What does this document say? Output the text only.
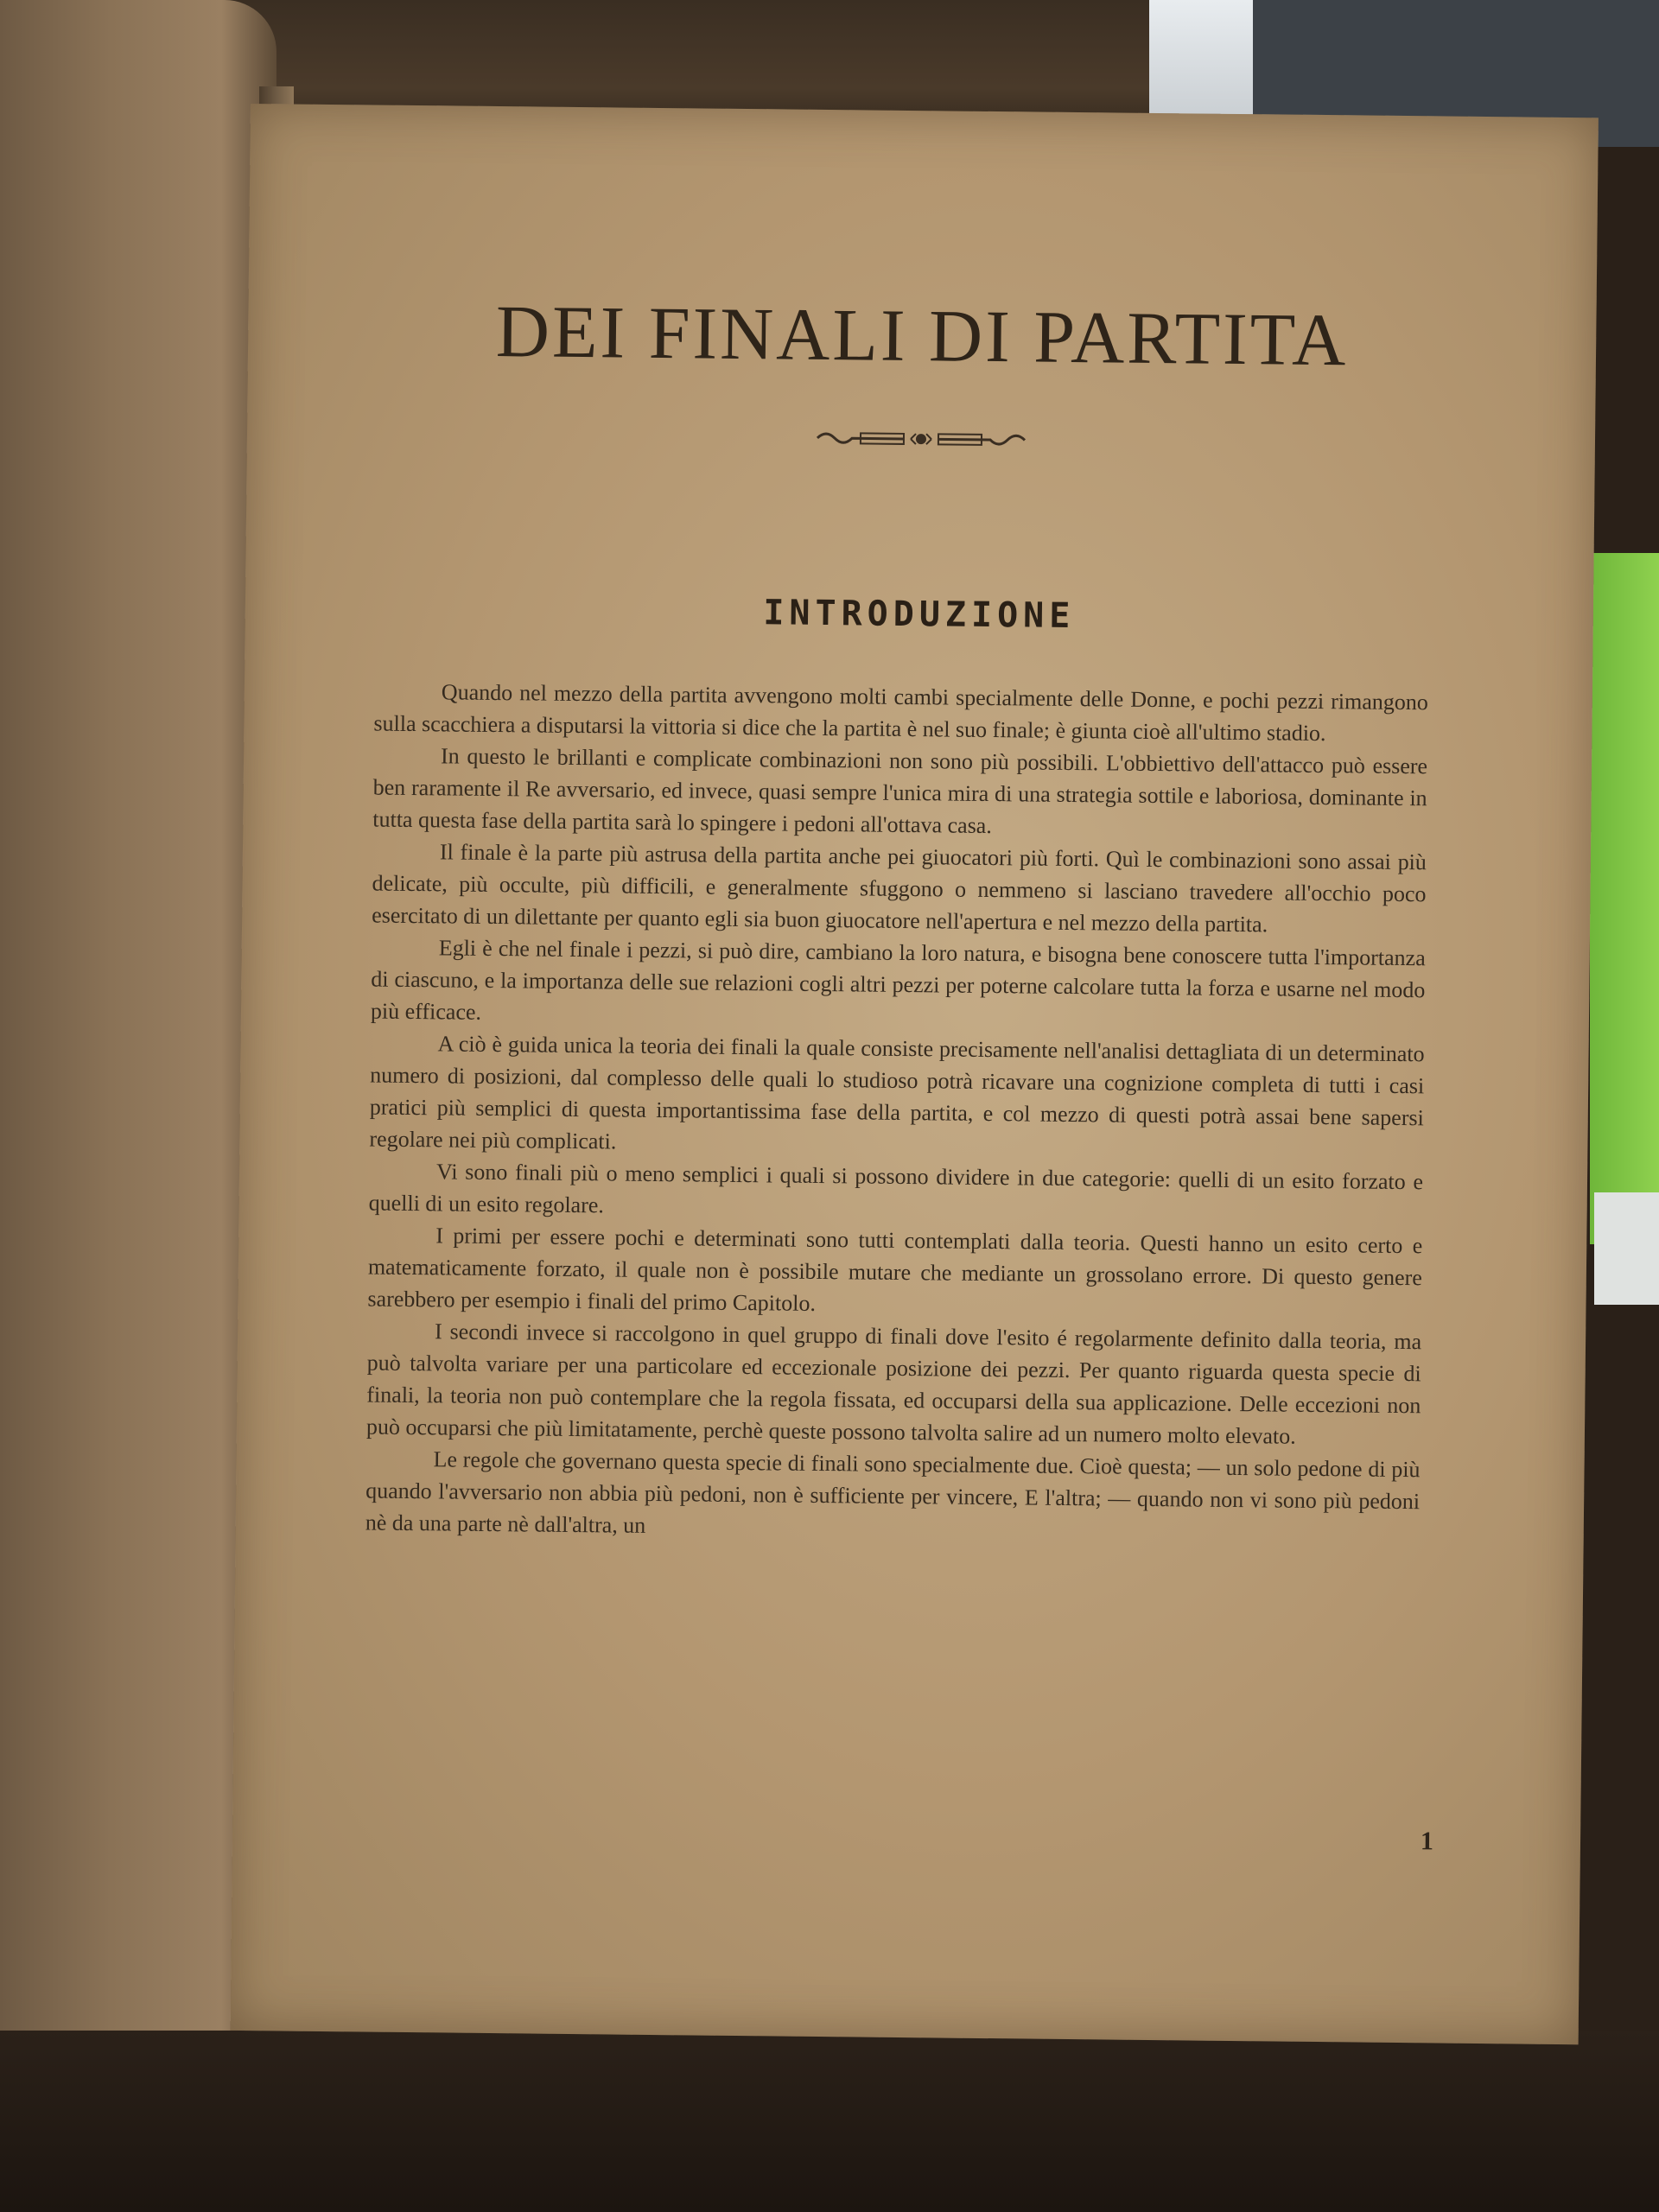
DEI FINALI DI PARTITA
INTRODUZIONE

Quando nel mezzo della partita avvengono molti cambi specialmente delle Donne, e pochi pezzi rimangono sulla scacchiera a disputarsi la vittoria si dice che la partita è nel suo finale; è giunta cioè all'ultimo stadio.

In questo le brillanti e complicate combinazioni non sono più possibili. L'obbiettivo dell'attacco può essere ben raramente il Re avversario, ed invece, quasi sempre l'unica mira di una strategia sottile e laboriosa, dominante in tutta questa fase della partita sarà lo spingere i pedoni all'ottava casa.

Il finale è la parte più astrusa della partita anche pei giuocatori più forti. Quì le combinazioni sono assai più delicate, più occulte, più difficili, e generalmente sfuggono o nemmeno si lasciano travedere all'occhio poco esercitato di un dilettante per quanto egli sia buon giuocatore nell'apertura e nel mezzo della partita.

Egli è che nel finale i pezzi, si può dire, cambiano la loro natura, e bisogna bene conoscere tutta l'importanza di ciascuno, e la importanza delle sue relazioni cogli altri pezzi per poterne calcolare tutta la forza e usarne nel modo più efficace.

A ciò è guida unica la teoria dei finali la quale consiste precisamente nell'analisi dettagliata di un determinato numero di posizioni, dal complesso delle quali lo studioso potrà ricavare una cognizione completa di tutti i casi pratici più semplici di questa importantissima fase della partita, e col mezzo di questi potrà assai bene sapersi regolare nei più complicati.

Vi sono finali più o meno semplici i quali si possono dividere in due categorie: quelli di un esito forzato e quelli di un esito regolare.

I primi per essere pochi e determinati sono tutti contemplati dalla teoria. Questi hanno un esito certo e matematicamente forzato, il quale non è possibile mutare che mediante un grossolano errore. Di questo genere sarebbero per esempio i finali del primo Capitolo.

I secondi invece si raccolgono in quel gruppo di finali dove l'esito é regolarmente definito dalla teoria, ma può talvolta variare per una particolare ed eccezionale posizione dei pezzi. Per quanto riguarda questa specie di finali, la teoria non può contemplare che la regola fissata, ed occuparsi della sua applicazione. Delle eccezioni non può occuparsi che più limitatamente, perchè queste possono talvolta salire ad un numero molto elevato.

Le regole che governano questa specie di finali sono specialmente due. Cioè questa; — un solo pedone di più quando l'avversario non abbia più pedoni, non è sufficiente per vincere, E l'altra; — quando non vi sono più pedoni nè da una parte nè dall'altra, un

1
